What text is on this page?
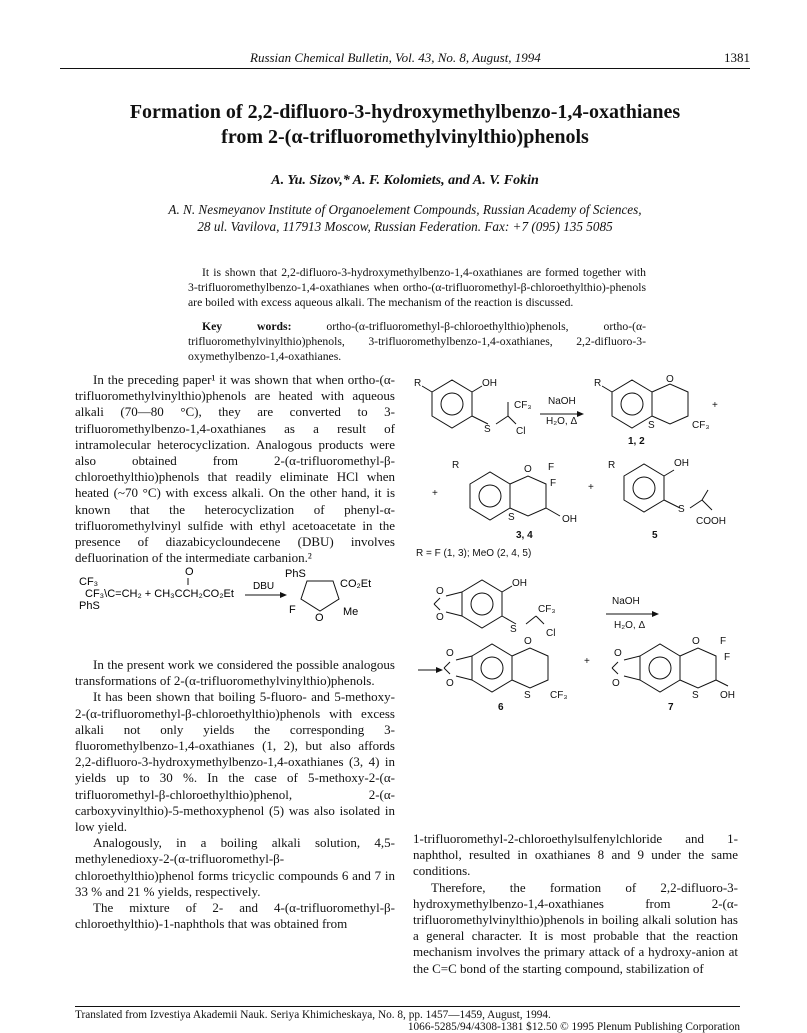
Russian Chemical Bulletin, Vol. 43, No. 8, August, 1994	1381
Formation of 2,2-difluoro-3-hydroxymethylbenzo-1,4-oxathianes
from 2-(α-trifluoromethylvinylthio)phenols
A. Yu. Sizov,* A. F. Kolomiets, and A. V. Fokin
A. N. Nesmeyanov Institute of Organoelement Compounds, Russian Academy of Sciences,
28 ul. Vavilova, 117913 Moscow, Russian Federation. Fax: +7 (095) 135 5085

It is shown that 2,2-difluoro-3-hydroxymethylbenzo-1,4-oxathianes are formed together with 3-trifluoromethylbenzo-1,4-oxathianes when ortho-(α-trifluoromethyl-β-chloroethylthio)-phenols are boiled with excess aqueous alkali. The mechanism of the reaction is discussed.

Key words:	ortho-(α-trifluoromethyl-β-chloroethylthio)phenols, ortho-(α-trifluoromethylvinylthio)phenols, 3-trifluoromethylbenzo-1,4-oxathianes, 2,2-difluoro-3-oxymethylbenzo-1,4-oxathianes.

In the preceding paper¹ it was shown that when ortho-(α-trifluoromethylvinylthio)phenols are heated with aqueous alkali (70—80 °C), they are converted to 3-trifluoromethylbenzo-1,4-oxathianes as a result of intramolecular heterocyclization. Analogous products were also obtained from 2-(α-trifluoromethyl-β-chloroethylthio)phenols that readily eliminate HCl when heated (~70 °C) with excess alkali. On the other hand, it is known that the heterocyclization of phenyl-α-trifluoromethylvinyl sulfide with ethyl acetoacetate in the presence of diazabicycloundecene (DBU) involves defluorination of the intermediate carbanion.²

CF₃
CF₃\C=CH₂ + CH₃CCH₂CO₂Et
PhS
O
DBU
PhS
CO₂Et
F
O Me

In the present work we considered the possible analogous transformations of 2-(α-trifluoromethylvinylthio)phenols.

It has been shown that boiling 5-fluoro- and 5-methoxy-2-(α-trifluoromethyl-β-chloroethylthio)phenols with excess alkali not only yields the corresponding 3-fluoromethylbenzo-1,4-oxathianes (1, 2), but also affords 2,2-difluoro-3-hydroxymethylbenzo-1,4-oxathianes (3, 4) in yields up to 30 %. In the case of 5-methoxy-2-(α-trifluoromethyl-β-chloroethylthio)phenol, 2-(α-carboxyvinylthio)-5-methoxyphenol (5) was also isolated in low yield.

Analogously, in a boiling alkali solution, 4,5-methylenedioxy-2-(α-trifluoromethyl-β-chloroethylthio)phenol forms tricyclic compounds 6 and 7 in 33 % and 21 % yields, respectively.

The mixture of 2- and 4-(α-trifluoromethyl-β-chloroethylthio)-1-naphthols that was obtained from

R	OH
S
CF₃
Cl
NaOH
H₂O, Δ
R	O
+
S	CF₃
1, 2
R	O F
F
+
S	OH
3, 4
+
R	OH
S
COOH
5
R = F (1, 3); MeO (2, 4, 5)
O
O
OH
S
CF₃
Cl
NaOH
H₂O, Δ
O
O
O
S CF₃
6
+
O
O
O F
F
S OH
7

1-trifluoromethyl-2-chloroethylsulfenylchloride and 1-naphthol, resulted in oxathianes 8 and 9 under the same conditions.

Therefore, the formation of 2,2-difluoro-3-hydroxymethylbenzo-1,4-oxathianes from 2-(α-trifluoromethylvinylthio)phenols in boiling alkali solution has a general character. It is most probable that the reaction mechanism involves the primary attack of a hydroxy-anion at the C=C bond of the starting compound, stabilization of

Translated from Izvestiya Akademii Nauk. Seriya Khimicheskaya, No. 8, pp. 1457—1459, August, 1994.
1066-5285/94/4308-1381 $12.50 © 1995 Plenum Publishing Corporation
